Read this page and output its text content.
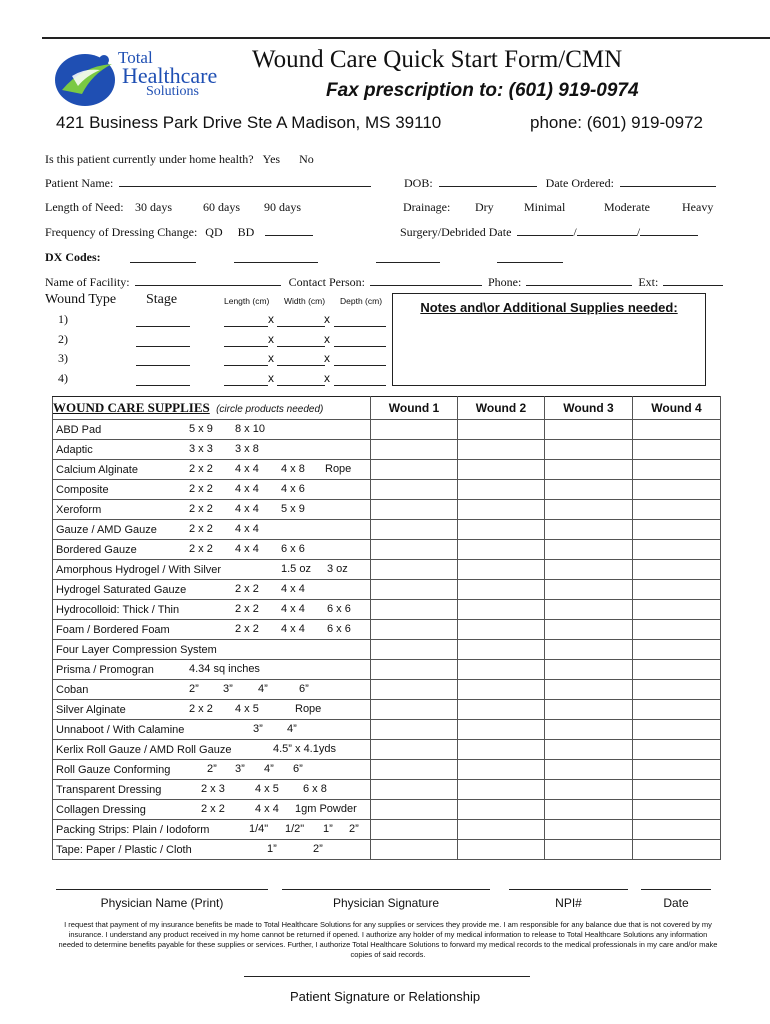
Total
Healthcare
Solutions
Wound Care Quick Start Form/CMN
Fax prescription to: (601) 919-0974
421 Business Park Drive Ste A Madison, MS 39110	phone: (601) 919-0972
Is this patient currently under home health? Yes No
Patient Name:	DOB:	Date Ordered:
Length of Need: 30 days	60 days 90 days	Drainage: Dry	Minimal	Moderate	Heavy
Frequency of Dressing Change: QD BD	Surgery/Debrided Date	/	/
DX Codes:
Name of Facility:	Contact Person:	Phone:	Ext:
Wound Type Stage	Length (cm) Width (cm) Depth (cm)
1)	x	x
2)	x	x
3)	x	x
4)	x	x
Notes and\or Additional Supplies needed:
WOUND CARE SUPPLIES (circle products needed)	Wound 1	Wound 2	Wound 3	Wound 4
ABD Pad 5 x 9 8 x 10				

Adaptic 3 x 3 3 x 8				

Calcium Alginate 2 x 2 4 x 4 4 x 8 Rope				

Composite 2 x 2 4 x 4 4 x 6				

Xeroform 2 x 2 4 x 4 5 x 9				

Gauze / AMD Gauze 2 x 2 4 x 4				

Bordered Gauze 2 x 2 4 x 4 6 x 6				

Amorphous Hydrogel / With Silver 1.5 oz 3 oz				

Hydrogel Saturated Gauze 2 x 2 4 x 4				

Hydrocolloid: Thick / Thin 2 x 2 4 x 4 6 x 6				

Foam / Bordered Foam 2 x 2 4 x 4 6 x 6				

Four Layer Compression System				
Prisma / Promogran 4.34 sq inches				

Coban 2” 3” 4” 6”				

Silver Alginate 2 x 2 4 x 5 Rope				

Unnaboot / With Calamine 3” 4”				

Kerlix Roll Gauze / AMD Roll Gauze 4.5” x 4.1yds				

Roll Gauze Conforming 2” 3” 4” 6”				

Transparent Dressing 2 x 3 4 x 5 6 x 8				

Collagen Dressing 2 x 2 4 x 4 1gm Powder				

Packing Strips: Plain / Iodoform 1/4" 1/2" 1” 2”				

Tape: Paper / Plastic / Cloth 1” 2”				

Physician Name (Print)	Physician Signature	NPI#	Date
I request that payment of my insurance benefits be made to Total Healthcare Solutions for any supplies or services they provide me. I am responsible for any balance due that is not covered by my insurance. I understand any product received in my home cannot be returned if opened. I authorize any holder of my medical information to release to Total Healthcare Solutions any information needed to determine benefits payable for these supplies or services. Further, I authorize Total Healthcare Solutions to forward my medical records to the medical professionals in my care and/or make copies of said records.
Patient Signature or Relationship
